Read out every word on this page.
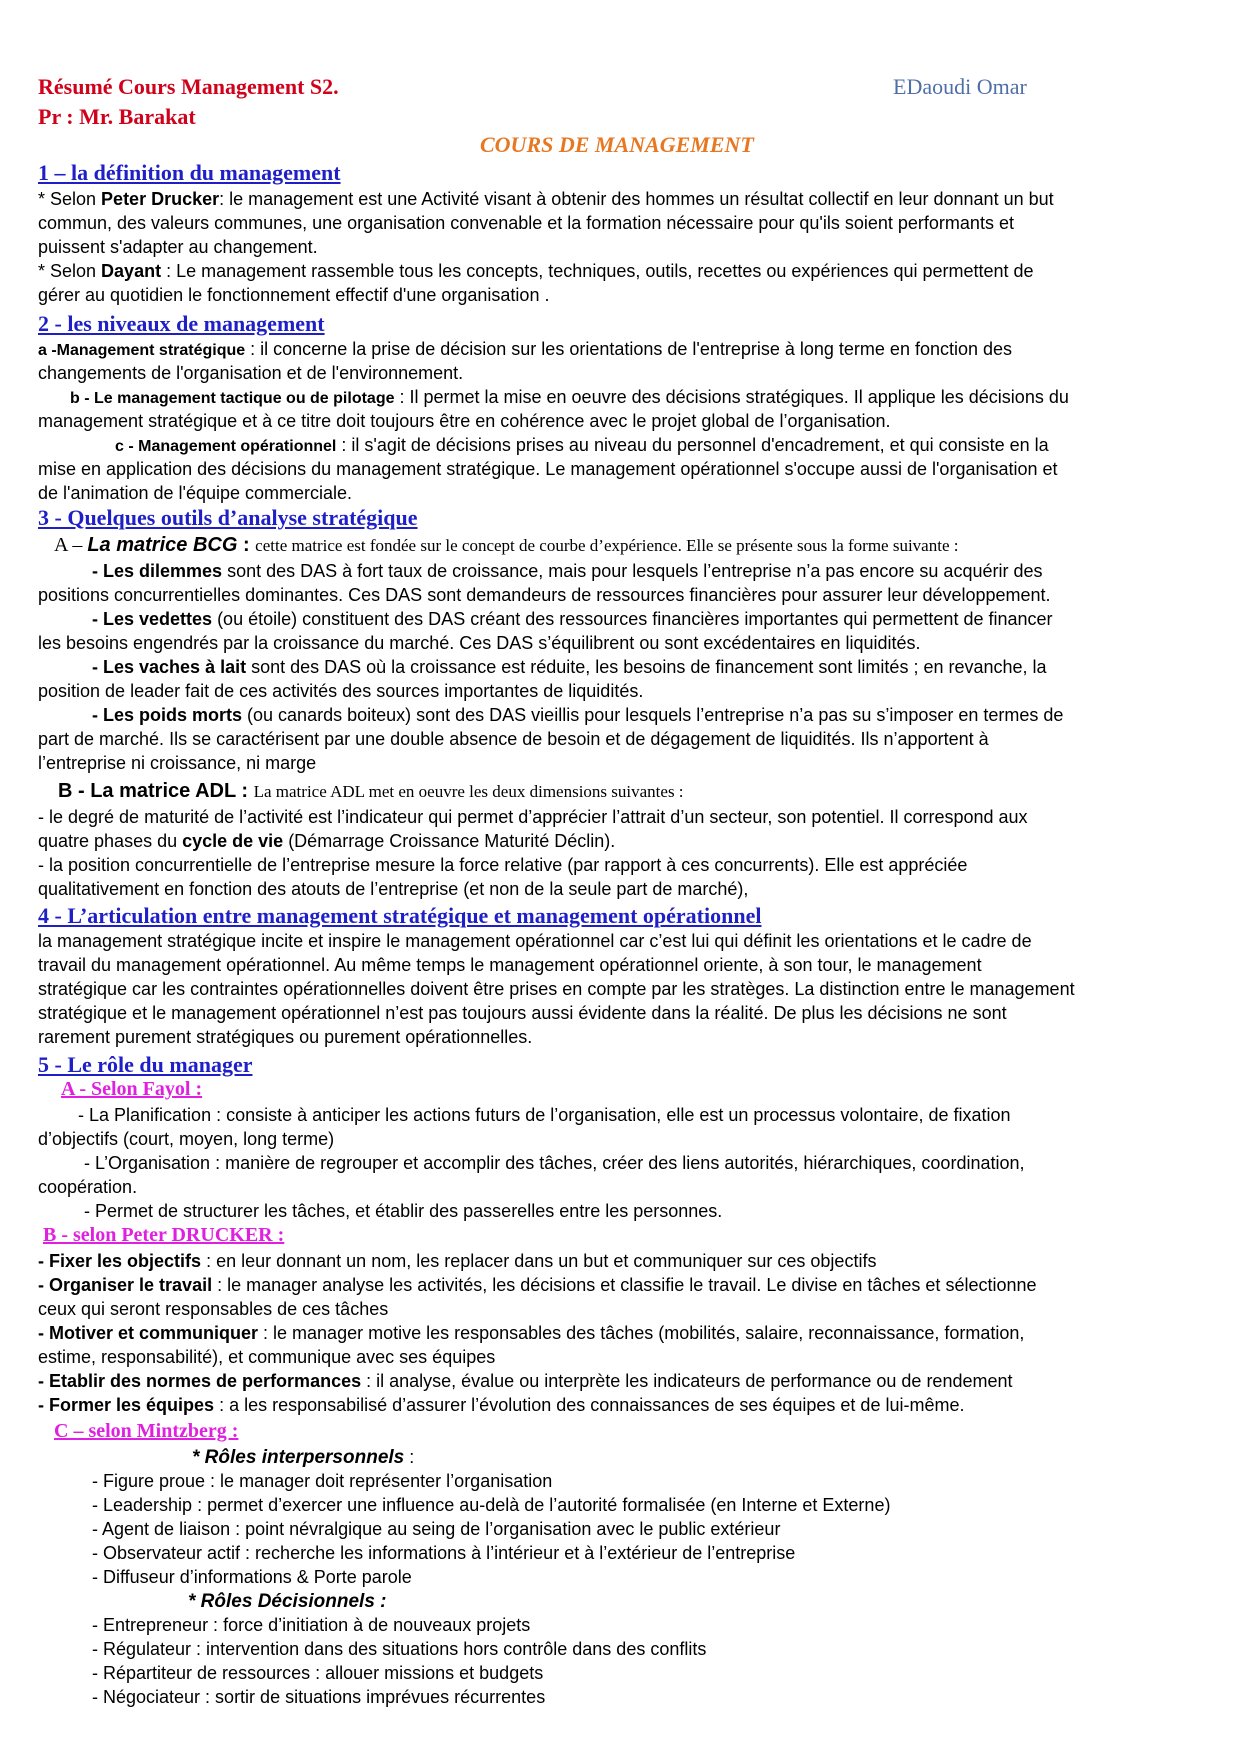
Résumé Cours Management S2.
Pr : Mr. Barakat
EDaoudi Omar
COURS DE MANAGEMENT
1 – la définition du management
* Selon Peter Drucker: le management est une Activité visant à obtenir des hommes un résultat collectif en leur donnant un but
commun, des valeurs communes, une organisation convenable et la formation nécessaire pour qu'ils soient performants et
puissent s'adapter au changement.
* Selon Dayant : Le management rassemble tous les concepts, techniques, outils, recettes ou expériences qui permettent de
gérer au quotidien le fonctionnement effectif d'une organisation .
2 - les niveaux de management
a -Management stratégique : il concerne la prise de décision sur les orientations de l'entreprise à long terme en fonction des
changements de l'organisation et de l'environnement.
b - Le management tactique ou de pilotage : Il permet la mise en oeuvre des décisions stratégiques. Il applique les décisions du
management stratégique et à ce titre doit toujours être en cohérence avec le projet global de l’organisation.
c - Management opérationnel : il s'agit de décisions prises au niveau du personnel d'encadrement, et qui consiste en la
mise en application des décisions du management stratégique. Le management opérationnel s'occupe aussi de l'organisation et
de l'animation de l'équipe commerciale.
3 - Quelques outils d’analyse stratégique
A – La matrice BCG : cette matrice est fondée sur le concept de courbe d’expérience. Elle se présente sous la forme suivante :
- Les dilemmes sont des DAS à fort taux de croissance, mais pour lesquels l’entreprise n’a pas encore su acquérir des
positions concurrentielles dominantes. Ces DAS sont demandeurs de ressources financières pour assurer leur développement.
- Les vedettes (ou étoile) constituent des DAS créant des ressources financières importantes qui permettent de financer
les besoins engendrés par la croissance du marché. Ces DAS s’équilibrent ou sont excédentaires en liquidités.
- Les vaches à lait sont des DAS où la croissance est réduite, les besoins de financement sont limités ; en revanche, la
position de leader fait de ces activités des sources importantes de liquidités.
- Les poids morts (ou canards boiteux) sont des DAS vieillis pour lesquels l’entreprise n’a pas su s’imposer en termes de
part de marché. Ils se caractérisent par une double absence de besoin et de dégagement de liquidités. Ils n’apportent à
l’entreprise ni croissance, ni marge
B - La matrice ADL : La matrice ADL met en oeuvre les deux dimensions suivantes :
- le degré de maturité de l’activité est l’indicateur qui permet d’apprécier l’attrait d’un secteur, son potentiel. Il correspond aux
quatre phases du cycle de vie (Démarrage Croissance Maturité Déclin).
- la position concurrentielle de l’entreprise mesure la force relative (par rapport à ces concurrents). Elle est appréciée
qualitativement en fonction des atouts de l’entreprise (et non de la seule part de marché),
4 - L’articulation entre management stratégique et management opérationnel
la management stratégique incite et inspire le management opérationnel car c’est lui qui définit les orientations et le cadre de
travail du management opérationnel. Au même temps le management opérationnel oriente, à son tour, le management
stratégique car les contraintes opérationnelles doivent être prises en compte par les stratèges. La distinction entre le management
stratégique et le management opérationnel n’est pas toujours aussi évidente dans la réalité. De plus les décisions ne sont
rarement purement stratégiques ou purement opérationnelles.
5 - Le rôle du manager
A - Selon Fayol :
- La Planification : consiste à anticiper les actions futurs de l’organisation, elle est un processus volontaire, de fixation
d’objectifs (court, moyen, long terme)
- L’Organisation : manière de regrouper et accomplir des tâches, créer des liens autorités, hiérarchiques, coordination,
coopération.
- Permet de structurer les tâches, et établir des passerelles entre les personnes.
B - selon Peter DRUCKER :
- Fixer les objectifs : en leur donnant un nom, les replacer dans un but et communiquer sur ces objectifs
- Organiser le travail : le manager analyse les activités, les décisions et classifie le travail. Le divise en tâches et sélectionne
ceux qui seront responsables de ces tâches
- Motiver et communiquer : le manager motive les responsables des tâches (mobilités, salaire, reconnaissance, formation,
estime, responsabilité), et communique avec ses équipes
- Etablir des normes de performances : il analyse, évalue ou interprète les indicateurs de performance ou de rendement
- Former les équipes : a les responsabilisé d’assurer l’évolution des connaissances de ses équipes et de lui-même.
C – selon Mintzberg :
* Rôles interpersonnels :
- Figure proue : le manager doit représenter l’organisation
- Leadership : permet d’exercer une influence au-delà de l’autorité formalisée (en Interne et Externe)
- Agent de liaison : point névralgique au seing de l’organisation avec le public extérieur
- Observateur actif : recherche les informations à l’intérieur et à l’extérieur de l’entreprise
- Diffuseur d’informations & Porte parole
* Rôles Décisionnels :
- Entrepreneur : force d’initiation à de nouveaux projets
- Régulateur : intervention dans des situations hors contrôle dans des conflits
- Répartiteur de ressources : allouer missions et budgets
- Négociateur : sortir de situations imprévues récurrentes
